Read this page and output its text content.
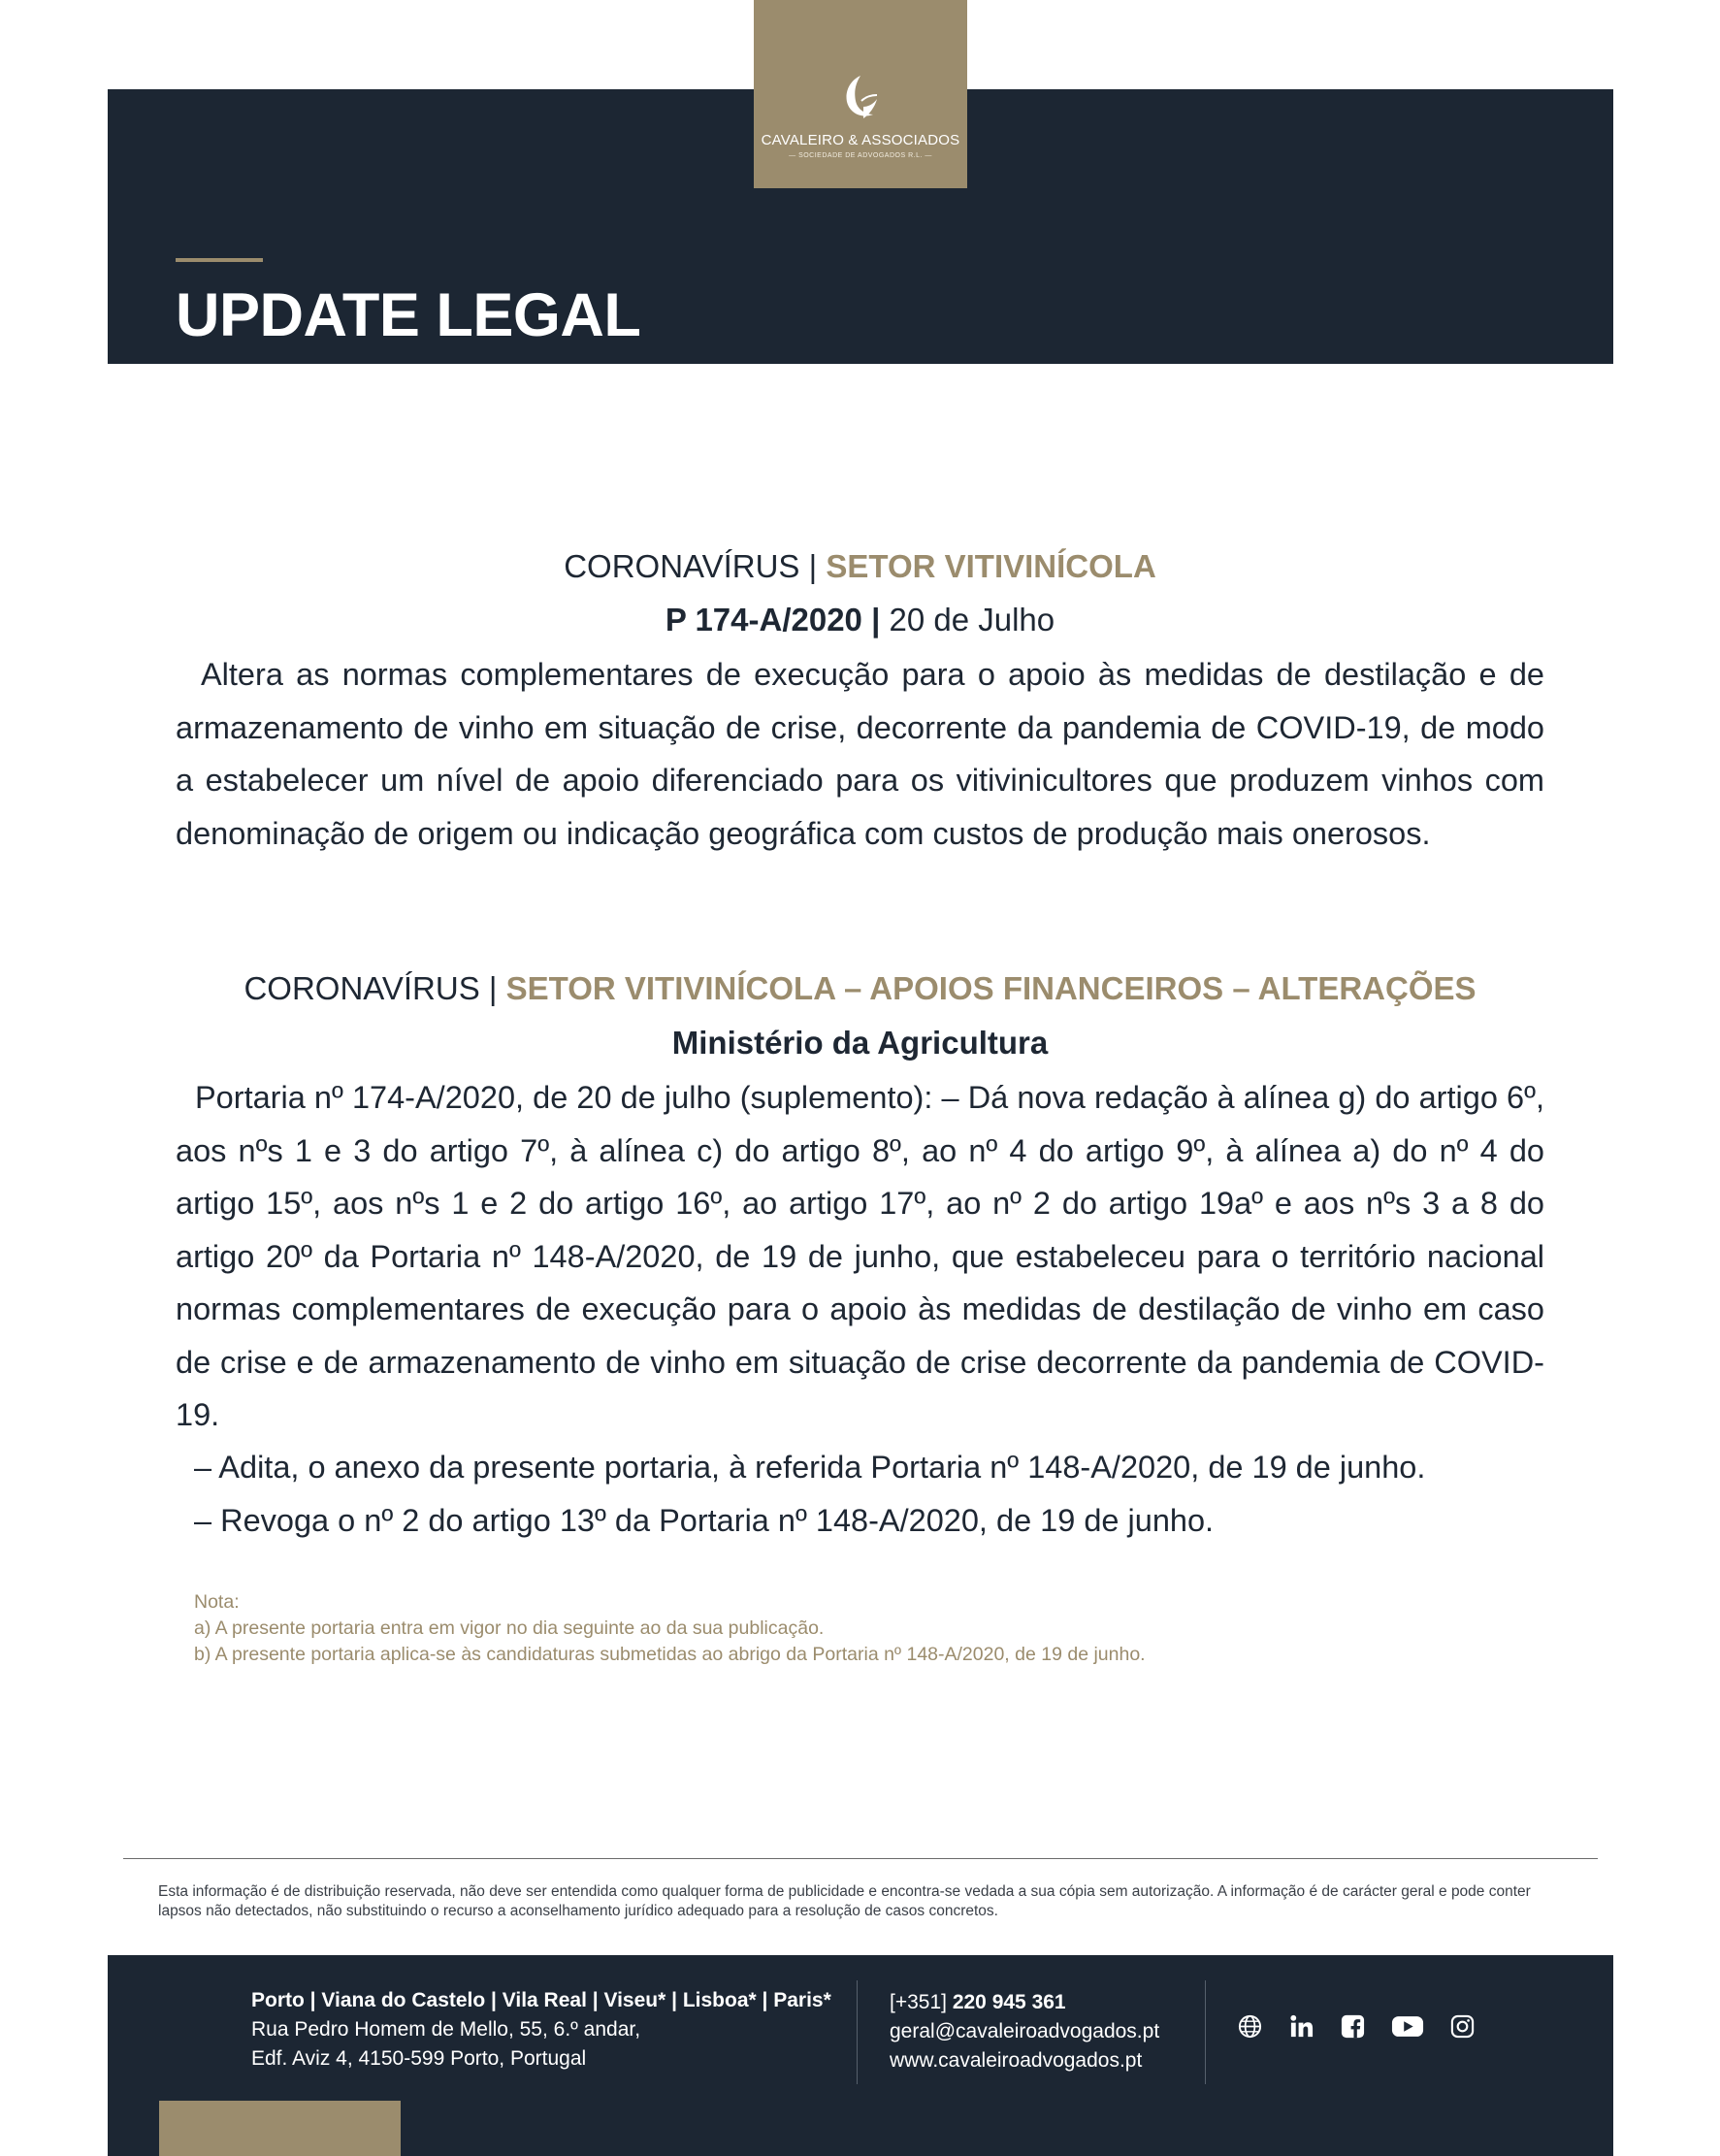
UPDATE LEGAL
CAVALEIRO & ASSOCIADOS
— SOCIEDADE DE ADVOGADOS R.L. —
CORONAVÍRUS | SETOR VITIVINÍCOLA
P 174-A/2020 | 20 de Julho

Altera as normas complementares de execução para o apoio às medidas de destilação e de armazenamento de vinho em situação de crise, decorrente da pandemia de COVID-19, de modo a estabelecer um nível de apoio diferenciado para os vitivinicultores que produzem vinhos com denominação de origem ou indicação geográfica com custos de produção mais onerosos.

CORONAVÍRUS | SETOR VITIVINÍCOLA – APOIOS FINANCEIROS – ALTERAÇÕES
Ministério da Agricultura

Portaria nº 174-A/2020, de 20 de julho (suplemento): – Dá nova redação à alínea g) do artigo 6º, aos nºs 1 e 3 do artigo 7º, à alínea c) do artigo 8º, ao nº 4 do artigo 9º, à alínea a) do nº 4 do artigo 15º, aos nºs 1 e 2 do artigo 16º, ao artigo 17º, ao nº 2 do artigo 19aº e aos nºs 3 a 8 do artigo 20º da Portaria nº 148-A/2020, de 19 de junho, que estabeleceu para o território nacional normas complementares de execução para o apoio às medidas de destilação de vinho em caso de crise e de armazenamento de vinho em situação de crise decorrente da pandemia de COVID-19.

– Adita, o anexo da presente portaria, à referida Portaria nº 148-A/2020, de 19 de junho.

– Revoga o nº 2 do artigo 13º da Portaria nº 148-A/2020, de 19 de junho.

Nota:
a) A presente portaria entra em vigor no dia seguinte ao da sua publicação.
b) A presente portaria aplica-se às candidaturas submetidas ao abrigo da Portaria nº 148-A/2020, de 19 de junho.

Esta informação é de distribuição reservada, não deve ser entendida como qualquer forma de publicidade e encontra-se vedada a sua cópia sem autorização. A informação é de carácter geral e pode conter lapsos não detectados, não substituindo o recurso a aconselhamento jurídico adequado para a resolução de casos concretos.

Porto | Viana do Castelo | Vila Real | Viseu* | Lisboa* | Paris*
Rua Pedro Homem de Mello, 55, 6.º andar,
Edf. Aviz 4, 4150-599 Porto, Portugal
[+351] 220 945 361
geral@cavaleiroadvogados.pt
www.cavaleiroadvogados.pt
